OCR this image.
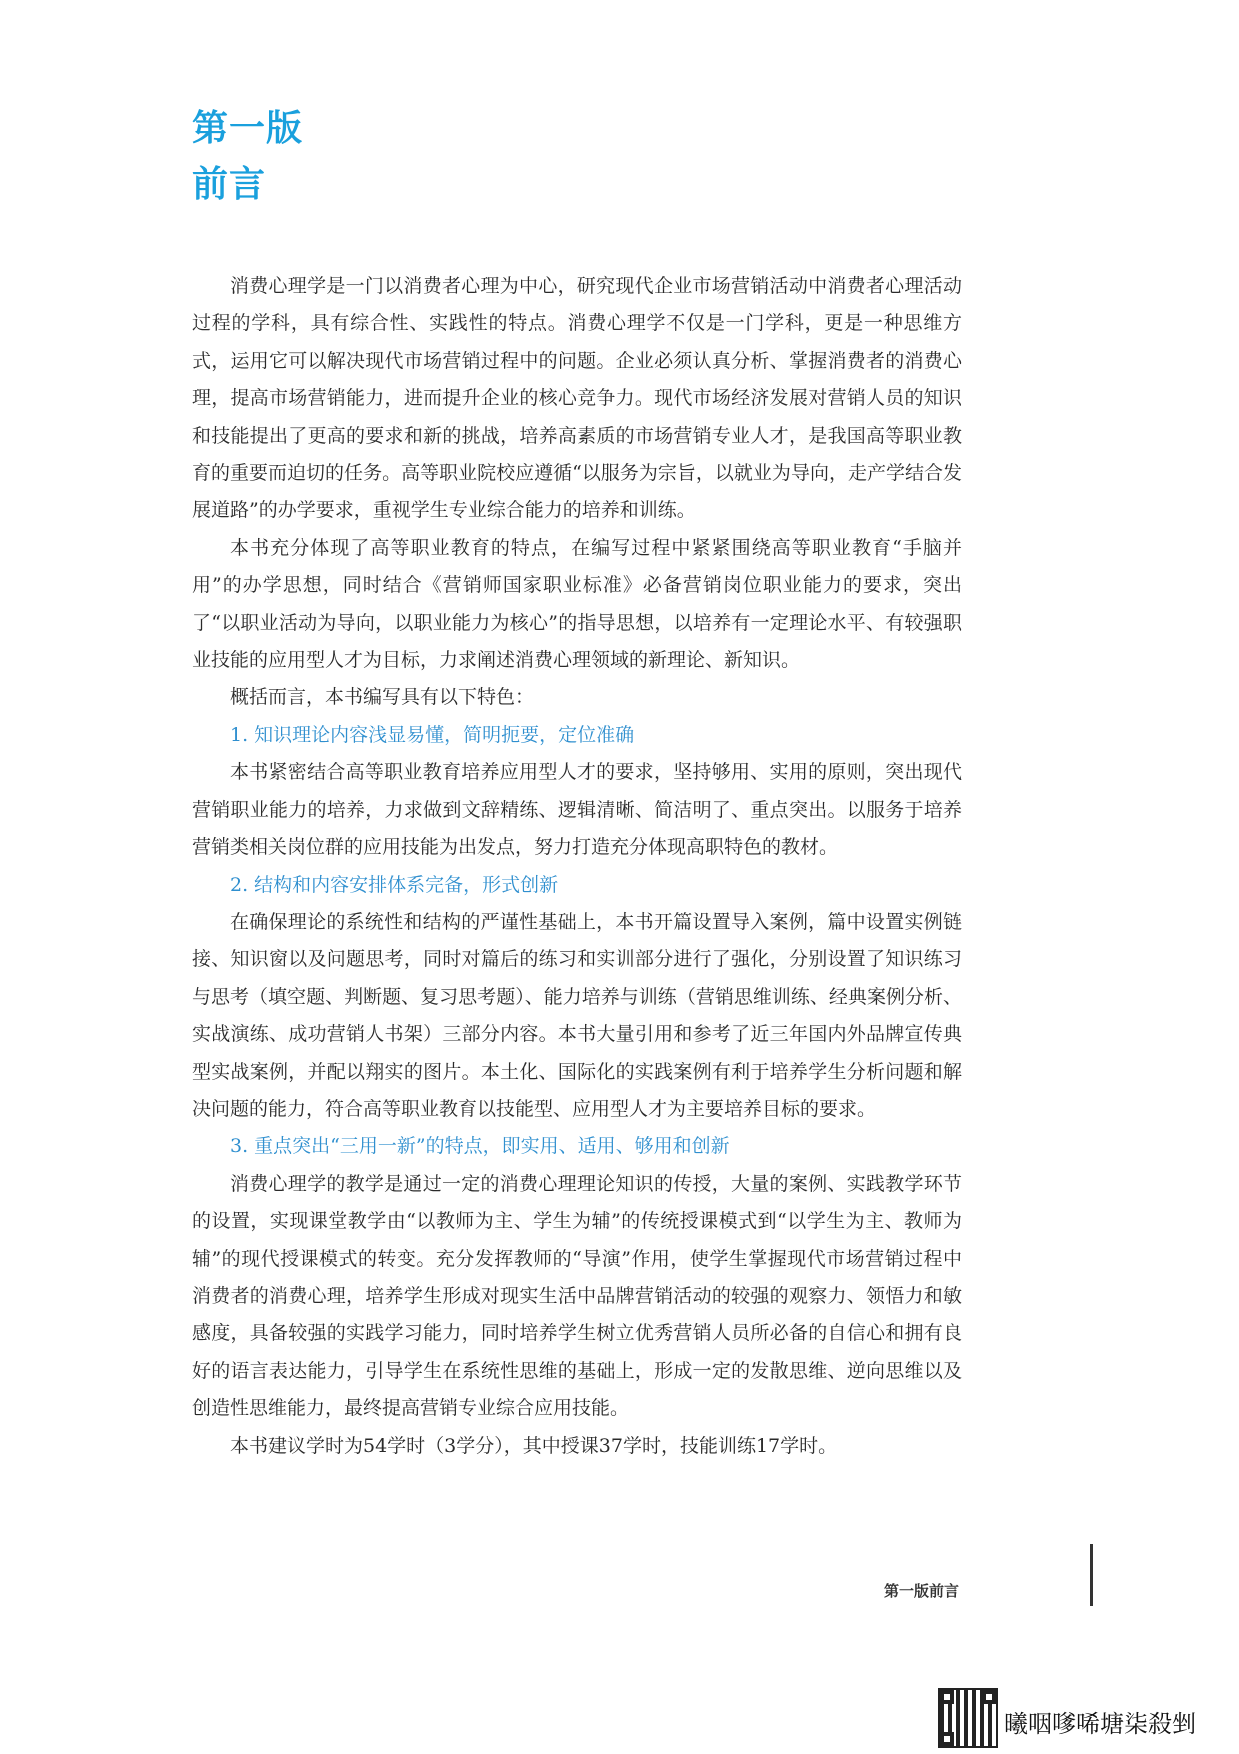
第一版
前言

消费心理学是一门以消费者心理为中心，研究现代企业市场营销活动中消费者心理活动过程的学科，具有综合性、实践性的特点。消费心理学不仅是一门学科，更是一种思维方式，运用它可以解决现代市场营销过程中的问题。企业必须认真分析、掌握消费者的消费心理，提高市场营销能力，进而提升企业的核心竞争力。现代市场经济发展对营销人员的知识和技能提出了更高的要求和新的挑战，培养高素质的市场营销专业人才，是我国高等职业教育的重要而迫切的任务。高等职业院校应遵循“以服务为宗旨，以就业为导向，走产学结合发展道路”的办学要求，重视学生专业综合能力的培养和训练。

本书充分体现了高等职业教育的特点，在编写过程中紧紧围绕高等职业教育“手脑并用”的办学思想，同时结合《营销师国家职业标准》必备营销岗位职业能力的要求，突出了“以职业活动为导向，以职业能力为核心”的指导思想，以培养有一定理论水平、有较强职业技能的应用型人才为目标，力求阐述消费心理领域的新理论、新知识。

概括而言，本书编写具有以下特色：

1. 知识理论内容浅显易懂，简明扼要，定位准确

本书紧密结合高等职业教育培养应用型人才的要求，坚持够用、实用的原则，突出现代营销职业能力的培养，力求做到文辞精练、逻辑清晰、简洁明了、重点突出。以服务于培养营销类相关岗位群的应用技能为出发点，努力打造充分体现高职特色的教材。

2. 结构和内容安排体系完备，形式创新

在确保理论的系统性和结构的严谨性基础上，本书开篇设置导入案例，篇中设置实例链接、知识窗以及问题思考，同时对篇后的练习和实训部分进行了强化，分别设置了知识练习与思考（填空题、判断题、复习思考题）、能力培养与训练（营销思维训练、经典案例分析、实战演练、成功营销人书架）三部分内容。本书大量引用和参考了近三年国内外品牌宣传典型实战案例，并配以翔实的图片。本土化、国际化的实践案例有利于培养学生分析问题和解决问题的能力，符合高等职业教育以技能型、应用型人才为主要培养目标的要求。

3. 重点突出“三用一新”的特点，即实用、适用、够用和创新

消费心理学的教学是通过一定的消费心理理论知识的传授，大量的案例、实践教学环节的设置，实现课堂教学由“以教师为主、学生为辅”的传统授课模式到“以学生为主、教师为辅”的现代授课模式的转变。充分发挥教师的“导演”作用，使学生掌握现代市场营销过程中消费者的消费心理，培养学生形成对现实生活中品牌营销活动的较强的观察力、领悟力和敏感度，具备较强的实践学习能力，同时培养学生树立优秀营销人员所必备的自信心和拥有良好的语言表达能力，引导学生在系统性思维的基础上，形成一定的发散思维、逆向思维以及创造性思维能力，最终提高营销专业综合应用技能。

本书建议学时为54学时（3学分），其中授课37学时，技能训练17学时。

第一版前言
曦咽嗲唏塘柒殺剉
